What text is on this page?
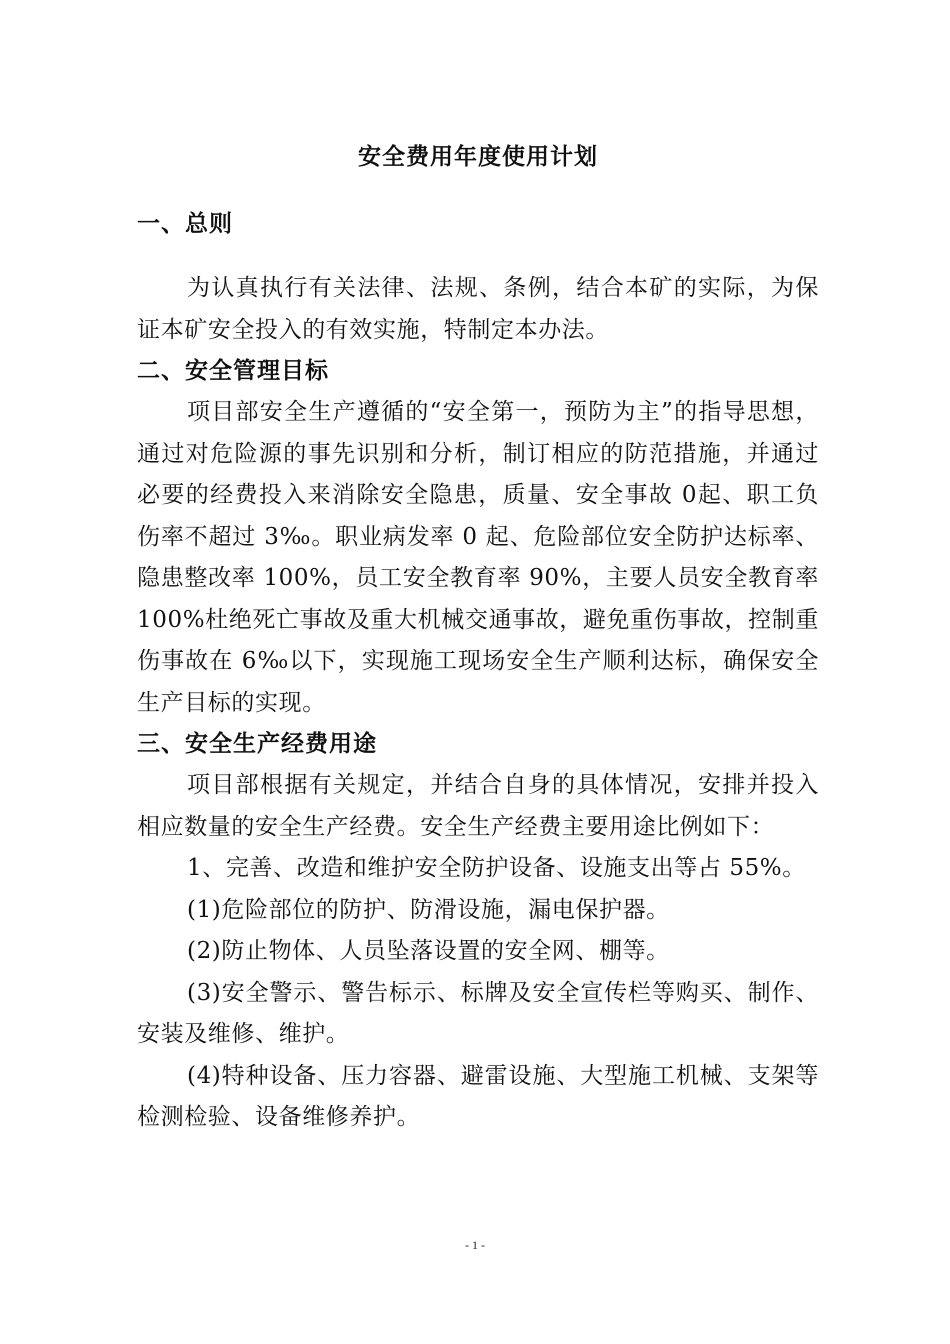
安全费用年度使用计划
一、总则

为认真执行有关法律、法规、条例，结合本矿的实际，为保证本矿安全投入的有效实施，特制定本办法。

二、安全管理目标

项目部安全生产遵循的“安全第一，预防为主”的指导思想，通过对危险源的事先识别和分析，制订相应的防范措施，并通过必要的经费投入来消除安全隐患，质量、安全事故 0起、职工负伤率不超过 3‰。职业病发率 0 起、危险部位安全防护达标率、隐患整改率 100%，员工安全教育率 90%，主要人员安全教育率 100%杜绝死亡事故及重大机械交通事故，避免重伤事故，控制重伤事故在 6‰以下，实现施工现场安全生产顺利达标，确保安全生产目标的实现。

三、安全生产经费用途

项目部根据有关规定，并结合自身的具体情况，安排并投入相应数量的安全生产经费。安全生产经费主要用途比例如下：

1、完善、改造和维护安全防护设备、设施支出等占 55%。

(1)危险部位的防护、防滑设施，漏电保护器。

(2)防止物体、人员坠落设置的安全网、棚等。

(3)安全警示、警告标示、标牌及安全宣传栏等购买、制作、安装及维修、维护。

(4)特种设备、压力容器、避雷设施、大型施工机械、支架等检测检验、设备维修养护。

- 1 -
